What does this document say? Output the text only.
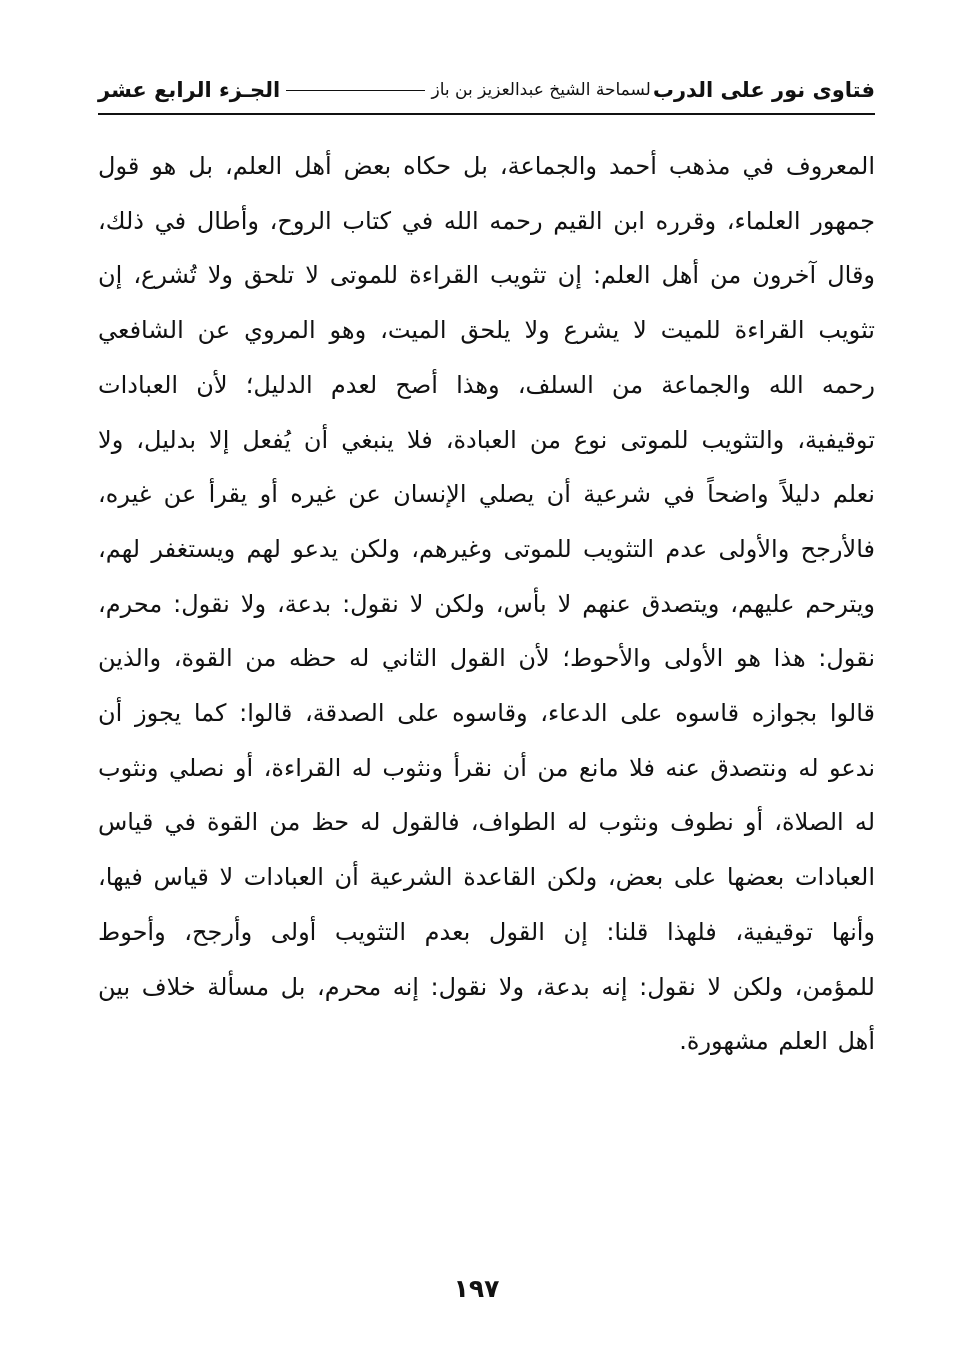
فتاوى نور على الدرب
لسماحة الشيخ عبدالعزيز بن باز
الجـزء الرابع عشر
المعروف في مذهب أحمد والجماعة، بل حكاه بعض أهل العلم، بل هو قول جمهور العلماء، وقرره ابن القيم رحمه الله في كتاب الروح، وأطال في ذلك، وقال آخرون من أهل العلم: إن تثويب القراءة للموتى لا تلحق ولا تُشرع، إن تثويب القراءة للميت لا يشرع ولا يلحق الميت، وهو المروي عن الشافعي رحمه الله والجماعة من السلف، وهذا أصح لعدم الدليل؛ لأن العبادات توقيفية، والتثويب للموتى نوع من العبادة، فلا ينبغي أن يُفعل إلا بدليل، ولا نعلم دليلاً واضحاً في شرعية أن يصلي الإنسان عن غيره أو يقرأ عن غيره، فالأرجح والأولى عدم التثويب للموتى وغيرهم، ولكن يدعو لهم ويستغفر لهم، ويترحم عليهم، ويتصدق عنهم لا بأس، ولكن لا نقول: بدعة، ولا نقول: محرم، نقول: هذا هو الأولى والأحوط؛ لأن القول الثاني له حظه من القوة، والذين قالوا بجوازه قاسوه على الدعاء، وقاسوه على الصدقة، قالوا: كما يجوز أن ندعو له ونتصدق عنه فلا مانع من أن نقرأ ونثوب له القراءة، أو نصلي ونثوب له الصلاة، أو نطوف ونثوب له الطواف، فالقول له حظ من القوة في قياس العبادات بعضها على بعض، ولكن القاعدة الشرعية أن العبادات لا قياس فيها، وأنها توقيفية، فلهذا قلنا: إن القول بعدم التثويب أولى وأرجح، وأحوط للمؤمن، ولكن لا نقول: إنه بدعة، ولا نقول: إنه محرم، بل مسألة خلاف بين أهل العلم مشهورة.
١٩٧
